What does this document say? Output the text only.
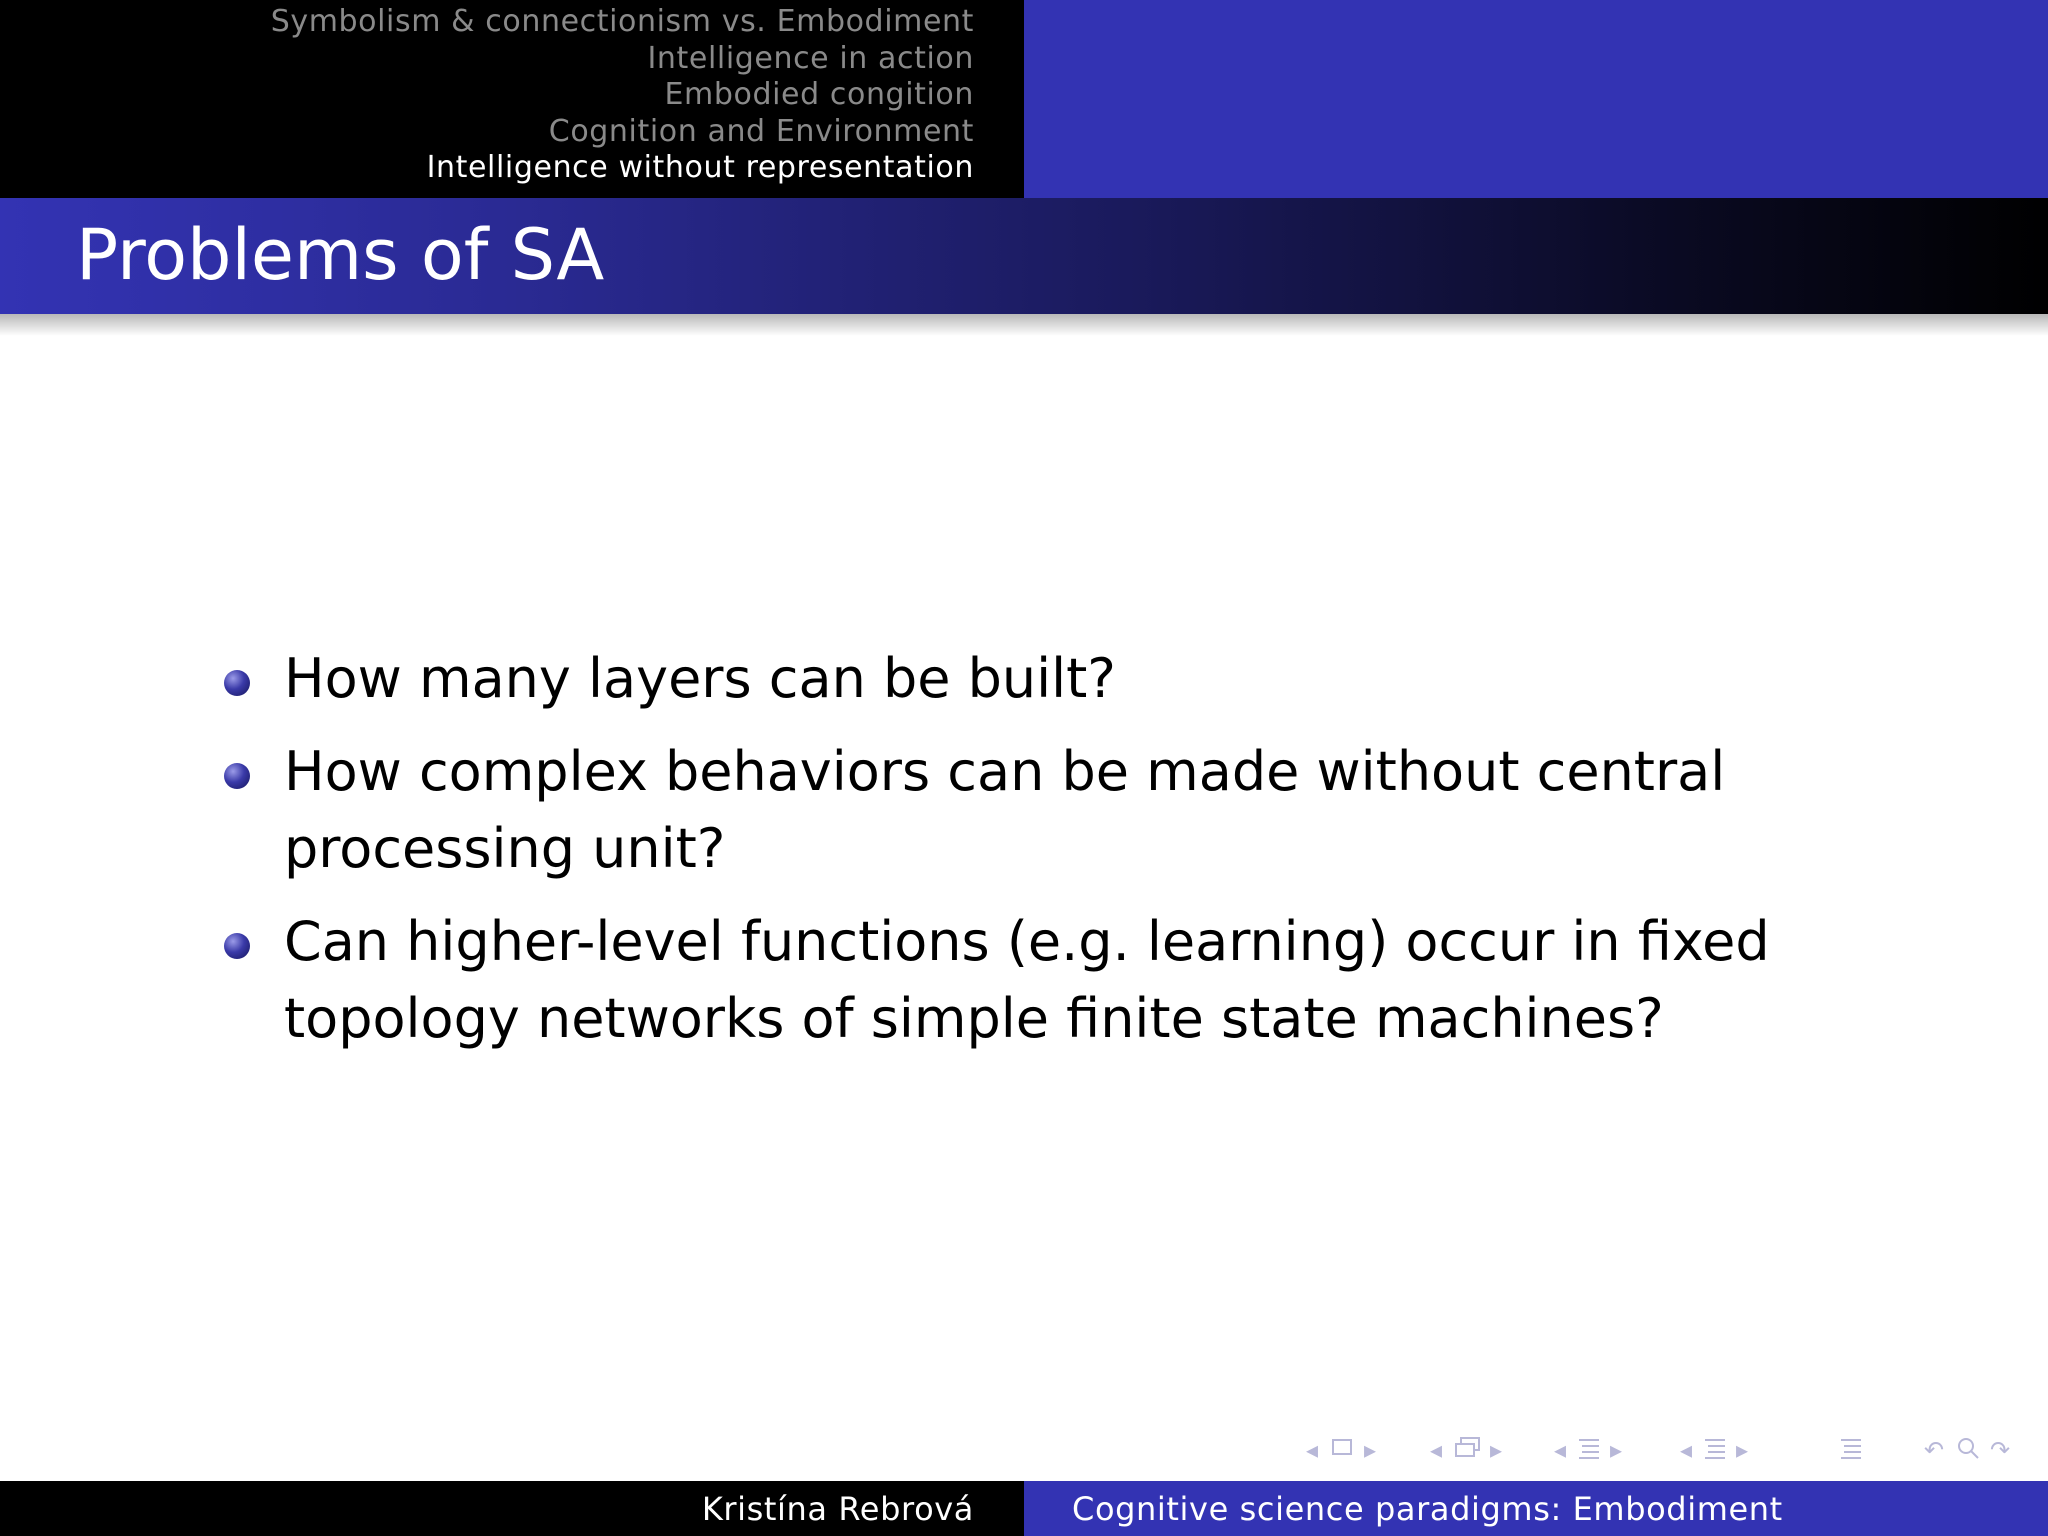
Symbolism & connectionism vs. Embodiment
Intelligence in action
Embodied congition
Cognition and Environment
Intelligence without representation
Problems of SA
How many layers can be built?
How complex behaviors can be made without central processing unit?
Can higher-level functions (e.g. learning) occur in fixed topology networks of simple finite state machines?
◂ ▸ ◂ ▸ ◂ ▸ ◂ ▸	↶ ↷
Kristína Rebrová	Cognitive science paradigms: Embodiment
